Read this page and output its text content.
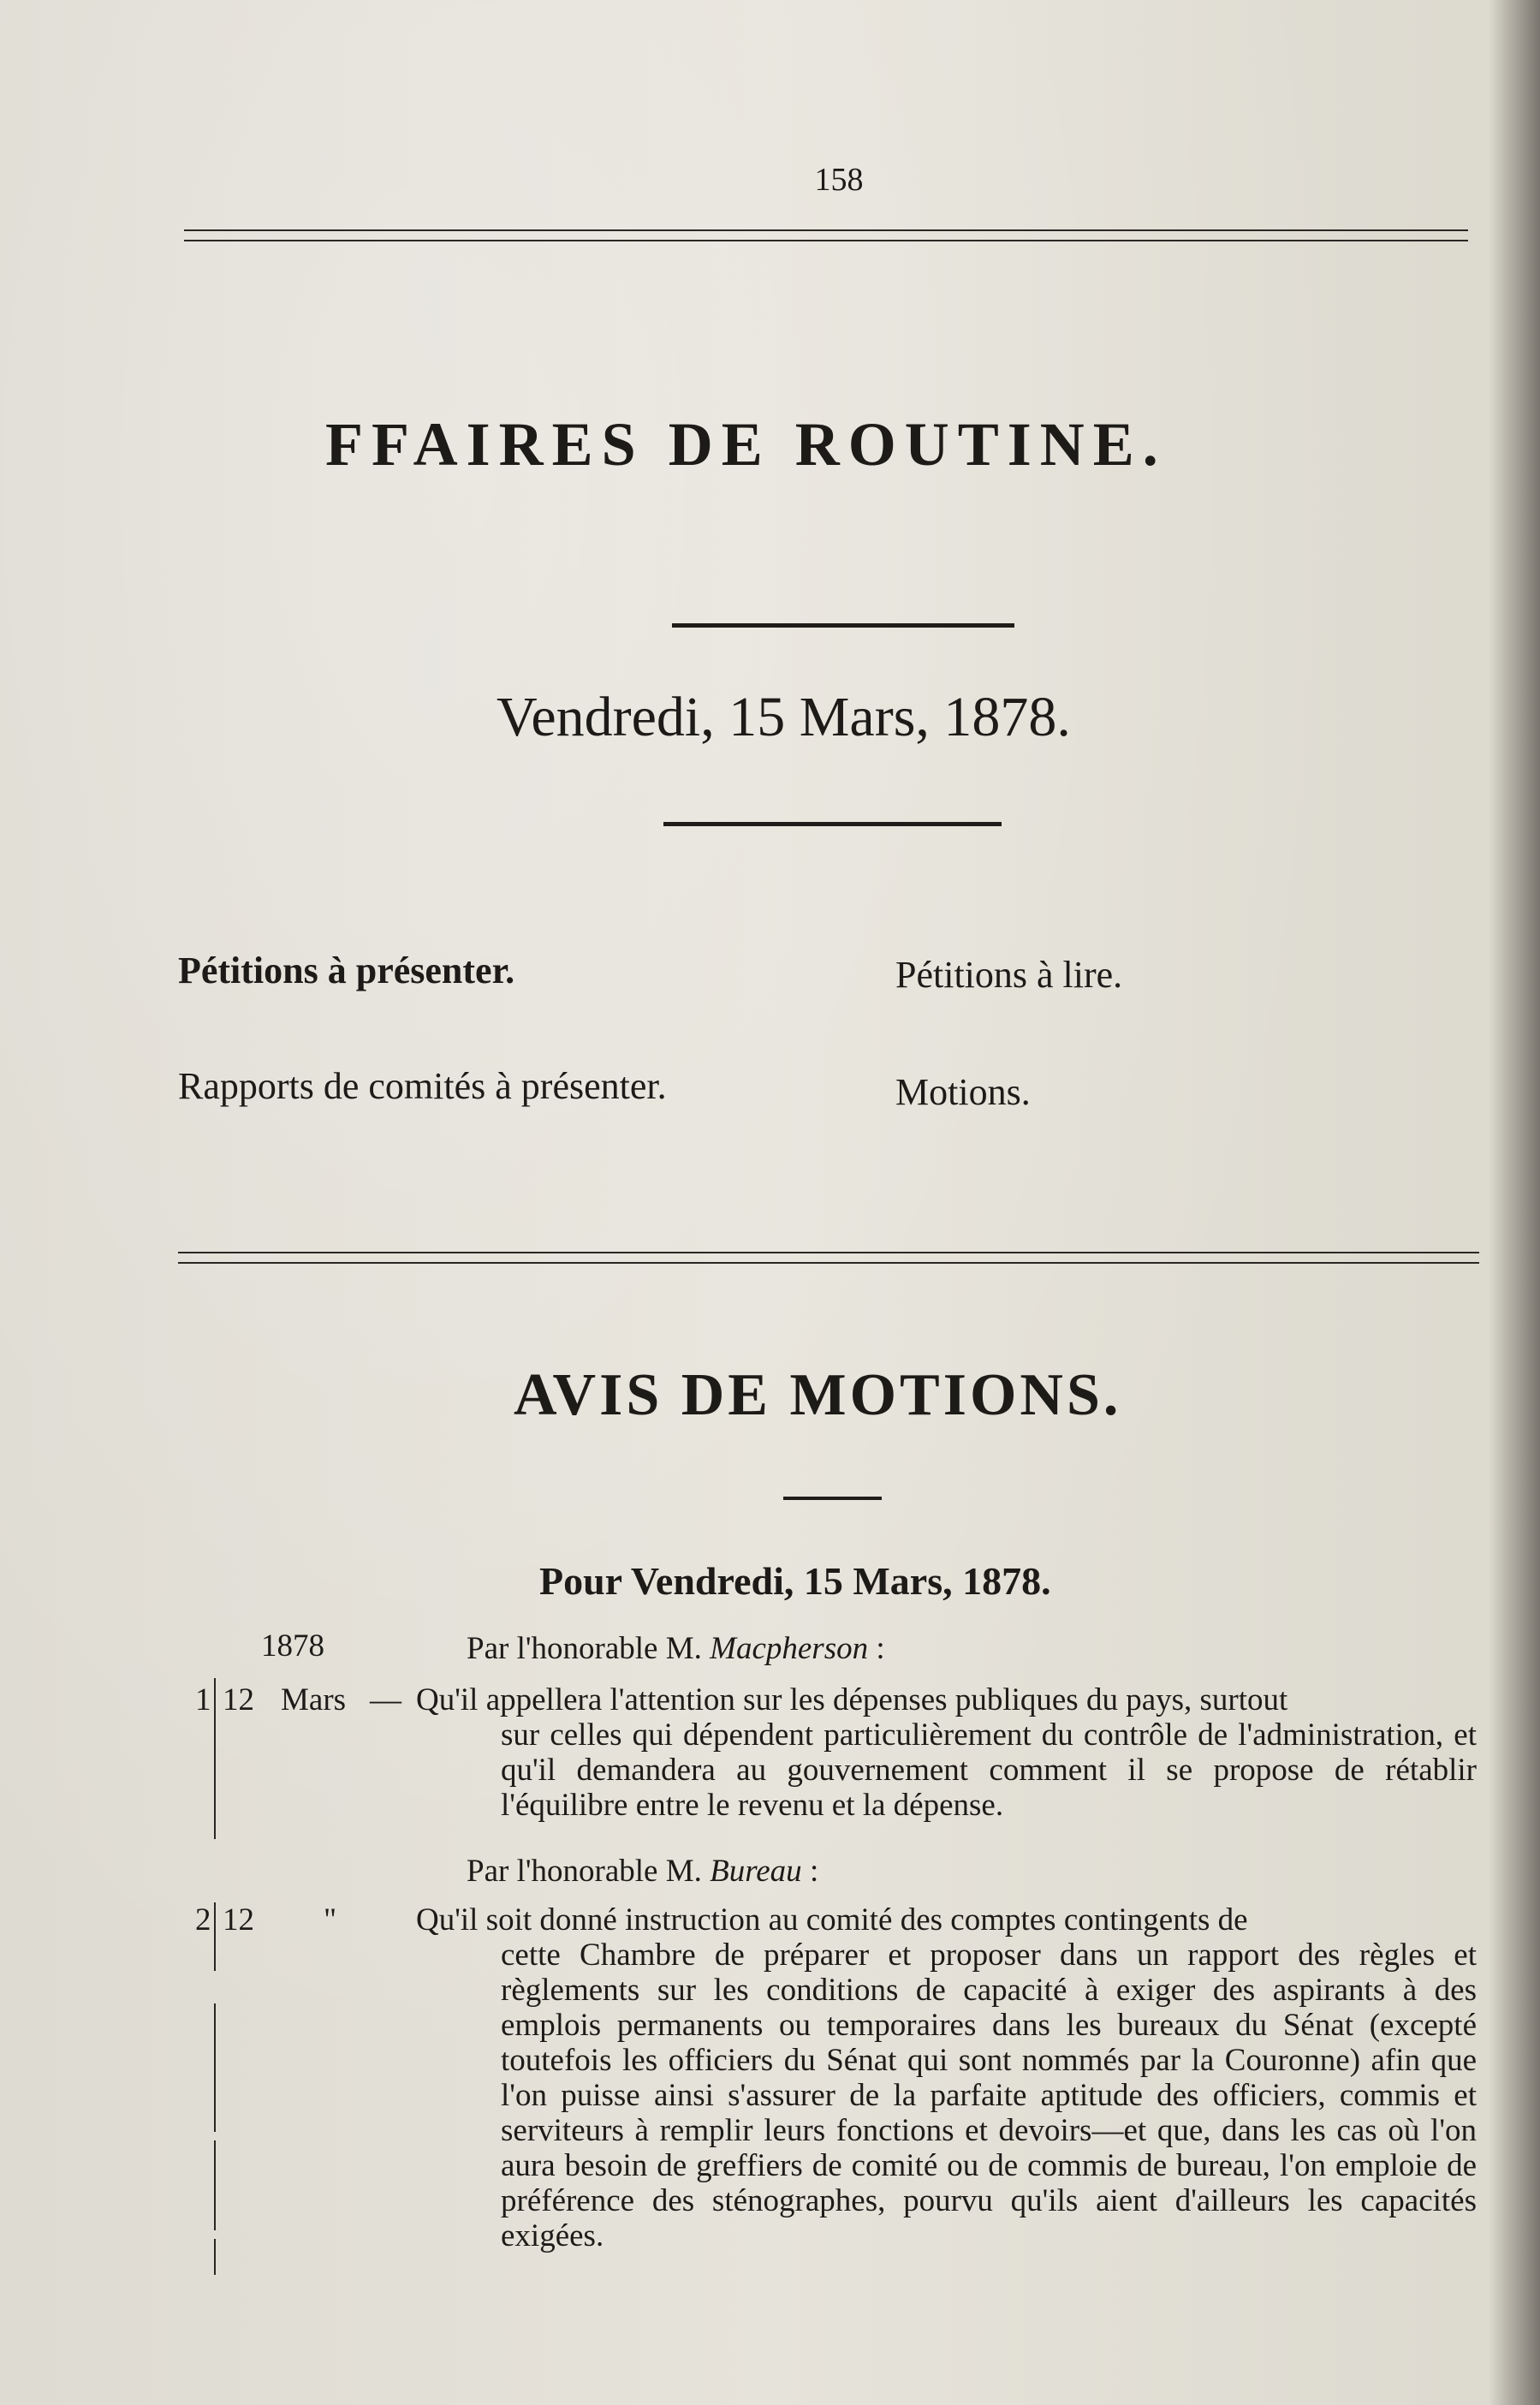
158
FFAIRES DE ROUTINE.
Vendredi, 15 Mars, 1878.
Pétitions à présenter.	Pétitions à lire.
Rapports de comités à présenter.	Motions.
AVIS DE MOTIONS.
Pour Vendredi, 15 Mars, 1878.
1878	Par l'honorable M. Macpherson :
1 12 Mars — Qu'il appellera l'attention sur les dépenses publiques du pays, surtout
sur celles qui dépendent particulièrement du contrôle de l'administration, et qu'il demandera au gouvernement comment il se propose de rétablir l'équilibre entre le revenu et la dépense.
Par l'honorable M. Bureau :
2 12 "	Qu'il soit donné instruction au comité des comptes contingents de
cette Chambre de préparer et proposer dans un rapport des règles et règlements sur les conditions de capacité à exiger des aspirants à des emplois permanents ou temporaires dans les bureaux du Sénat (excepté toutefois les officiers du Sénat qui sont nommés par la Couronne) afin que l'on puisse ainsi s'assurer de la parfaite aptitude des officiers, commis et serviteurs à remplir leurs fonctions et devoirs—et que, dans les cas où l'on aura besoin de greffiers de comité ou de commis de bureau, l'on emploie de préférence des sténographes, pourvu qu'ils aient d'ailleurs les capacités exigées.
